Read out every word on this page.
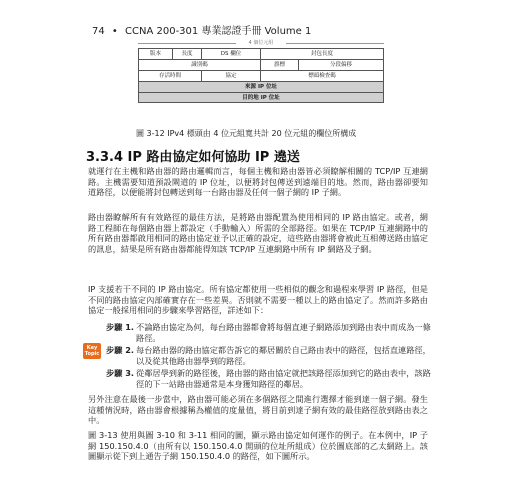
74 • CCNA 200-301 專業認證手冊 Volume 1
4 個位元組
版本	長度	DS 欄位	封包長度
識別碼	旗標	分段偏移
存活時間	協定	標頭檢查碼
來源 IP 位址
目的地 IP 位址
圖 3-12 IPv4 標頭由 4 位元組寬共計 20 位元組的欄位所構成
3.3.4 IP 路由協定如何協助 IP 遶送

就運行在主機和路由器的路由邏輯而言，每個主機和路由器皆必須瞭解相關的 TCP/IP 互連網路。主機需要知道預設閘道的 IP 位址，以便將封包傳送到遠端目的地。然而，路由器卻要知道路徑，以便能將封包轉送到每一台路由器及任何一個子網的 IP 子網。

路由器瞭解所有有效路徑的最佳方法，是將路由器配置為使用相同的 IP 路由協定。或者，網路工程師在每個路由器上都設定（手動輸入）所需的全部路徑。如果在 TCP/IP 互連網路中的所有路由器都啟用相同的路由協定並予以正確的設定，這些路由器將會被此互相傳送路由協定的訊息，結果是所有路由器都能得知該 TCP/IP 互連網路中所有 IP 網路及子網。

IP 支援若干不同的 IP 路由協定。所有協定都使用一些相似的觀念和過程來學習 IP 路徑，但是不同的路由協定內部確實存在一些差異。否則就不需要一種以上的路由協定了。然而許多路由協定一般採用相同的步驟來學習路徑，詳述如下：

Key
Topic
步驟 1. 不論路由協定為何，每台路由器都會將每個直連子網路添加到路由表中而成為一條路徑。
步驟 2. 每台路由器的路由協定都告訴它的鄰居關於自己路由表中的路徑，包括直連路徑，以及從其他路由器學到的路徑。
步驟 3. 從鄰居學到新的路徑後，路由器的路由協定就把該路徑添加到它的路由表中，該路徑的下一站路由器通常是本身獲知路徑的鄰居。

另外注意在最後一步當中，路由器可能必須在多個路徑之間進行選擇才能到達一個子網。發生這種情況時，路由器會根據稱為權值的度量值，將目前到達子網有效的最佳路徑放到路由表之中。

圖 3-13 使用與圖 3-10 和 3-11 相同的圖，顯示路由協定如何運作的例子。在本例中，IP 子網 150.150.4.0（由所有以 150.150.4.0 開頭的位址所組成）位於圖底部的乙太網路上。該圖顯示從下到上通告子網 150.150.4.0 的路徑，如下圖所示。
